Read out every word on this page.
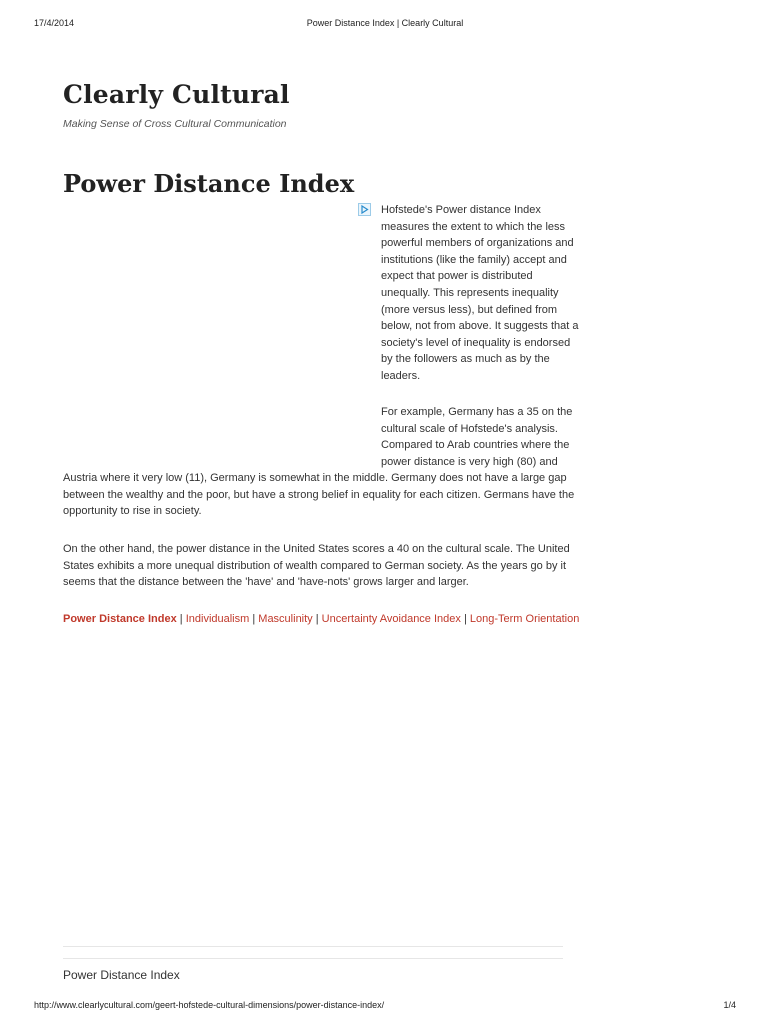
17/4/2014	Power Distance Index | Clearly Cultural
Clearly Cultural
Making Sense of Cross Cultural Communication
Power Distance Index

Hofstede's Power distance Index measures the extent to which the less powerful members of organizations and institutions (like the family) accept and expect that power is distributed unequally. This represents inequality (more versus less), but defined from below, not from above. It suggests that a society's level of inequality is endorsed by the followers as much as by the leaders.

For example, Germany has a 35 on the cultural scale of Hofstede's analysis. Compared to Arab countries where the power distance is very high (80) and

Austria where it very low (11), Germany is somewhat in the middle. Germany does not have a large gap between the wealthy and the poor, but have a strong belief in equality for each citizen. Germans have the opportunity to rise in society.

On the other hand, the power distance in the United States scores a 40 on the cultural scale. The United States exhibits a more unequal distribution of wealth compared to German society. As the years go by it seems that the distance between the 'have' and 'have-nots' grows larger and larger.

Power Distance Index | Individualism | Masculinity | Uncertainty Avoidance Index | Long-Term Orientation
Power Distance Index
http://www.clearlycultural.com/geert-hofstede-cultural-dimensions/power-distance-index/	1/4
